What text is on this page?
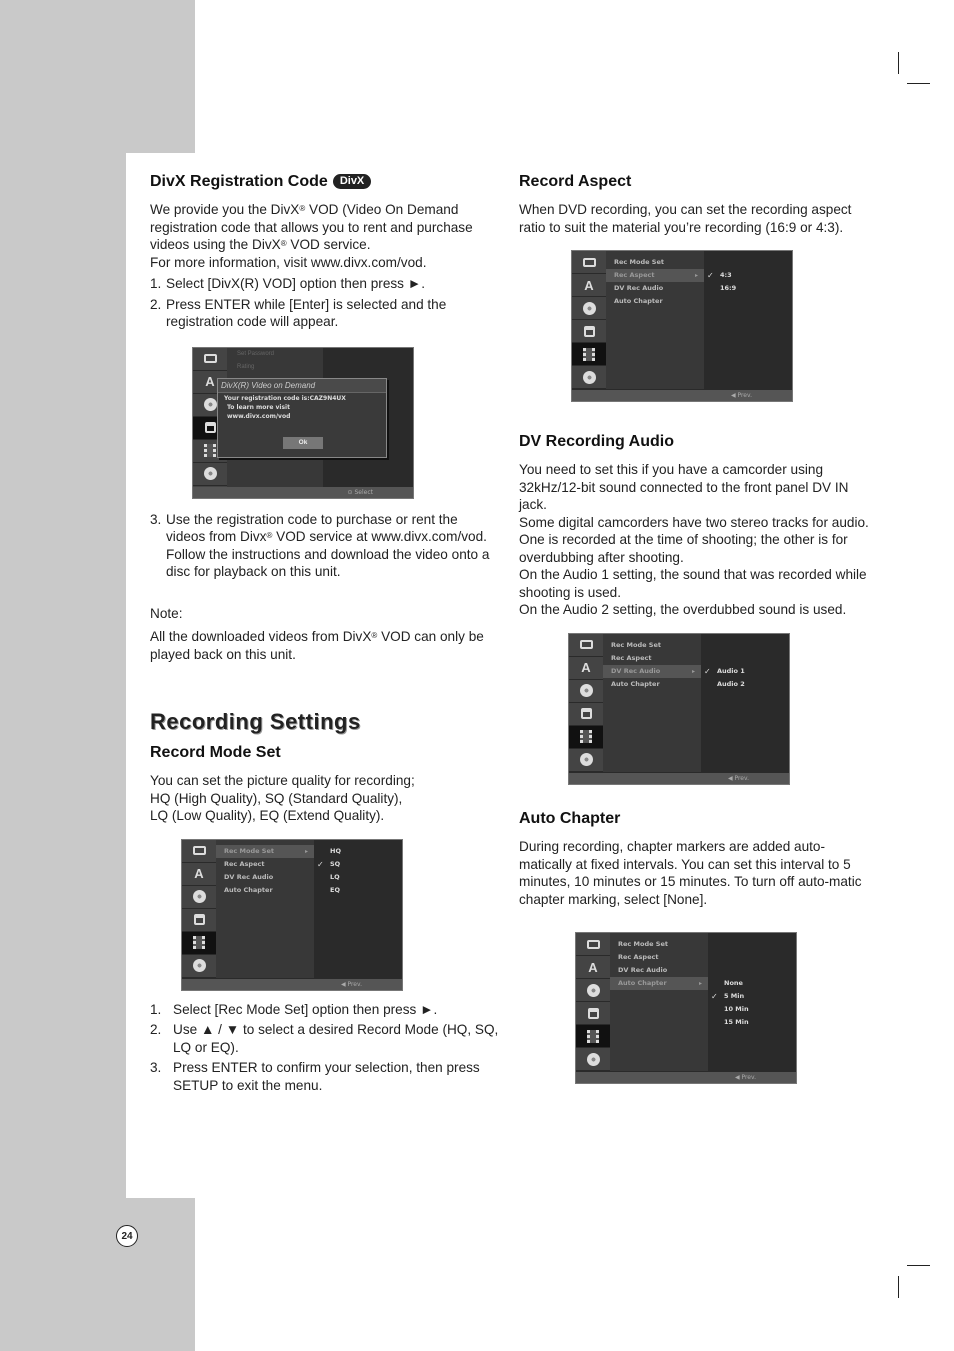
24
DivX Registration Code DivX

We provide you the DivX® VOD (Video On Demand registration code that allows you to rent and purchase videos using the DivX® VOD service.
For more information, visit www.divx.com/vod.

1. Select [DivX(R) VOD] option then press ►.
2. Press ENTER while [Enter] is selected and the registration code will appear.
A
Set Password
Rating
DivX(R) Video on Demand
Your registration code is:CAZ9N4UX
To learn more visit
www.divx.com/vod
Ok
⊙ Select
3. Use the registration code to purchase or rent the videos from Divx® VOD service at www.divx.com/vod. Follow the instructions and download the video onto a disc for playback on this unit.

Note:

All the downloaded videos from DivX® VOD can only be played back on this unit.

Recording Settings
Record Mode Set

You can set the picture quality for recording;
HQ (High Quality), SQ (Standard Quality),
LQ (Low Quality), EQ (Extend Quality).

A
Rec Mode Set ▸
Rec Aspect
DV Rec Audio
Auto Chapter
HQ
✓ SQ
LQ
EQ
◀ Prev.
1. Select [Rec Mode Set] option then press ►.
2. Use ▲ / ▼ to select a desired Record Mode (HQ, SQ, LQ or EQ).
3. Press ENTER to confirm your selection, then press SETUP to exit the menu.
Record Aspect

When DVD recording, you can set the recording aspect ratio to suit the material you’re recording (16:9 or 4:3).

A
Rec Mode Set
Rec Aspect ▸
DV Rec Audio
Auto Chapter
✓ 4:3
16:9
◀ Prev.
DV Recording Audio

You need to set this if you have a camcorder using 32kHz/12-bit sound connected to the front panel DV IN jack.

Some digital camcorders have two stereo tracks for audio. One is recorded at the time of shooting; the other is for overdubbing after shooting.

On the Audio 1 setting, the sound that was recorded while shooting is used.

On the Audio 2 setting, the overdubbed sound is used.

A
Rec Mode Set
Rec Aspect
DV Rec Audio ▸
Auto Chapter
✓ Audio 1
Audio 2
◀ Prev.
Auto Chapter

During recording, chapter markers are added auto-matically at fixed intervals. You can set this interval to 5 minutes, 10 minutes or 15 minutes. To turn off auto-matic chapter marking, select [None].

A
Rec Mode Set
Rec Aspect
DV Rec Audio
Auto Chapter ▸	None
✓ 5 Min
10 Min
15 Min
◀ Prev.
